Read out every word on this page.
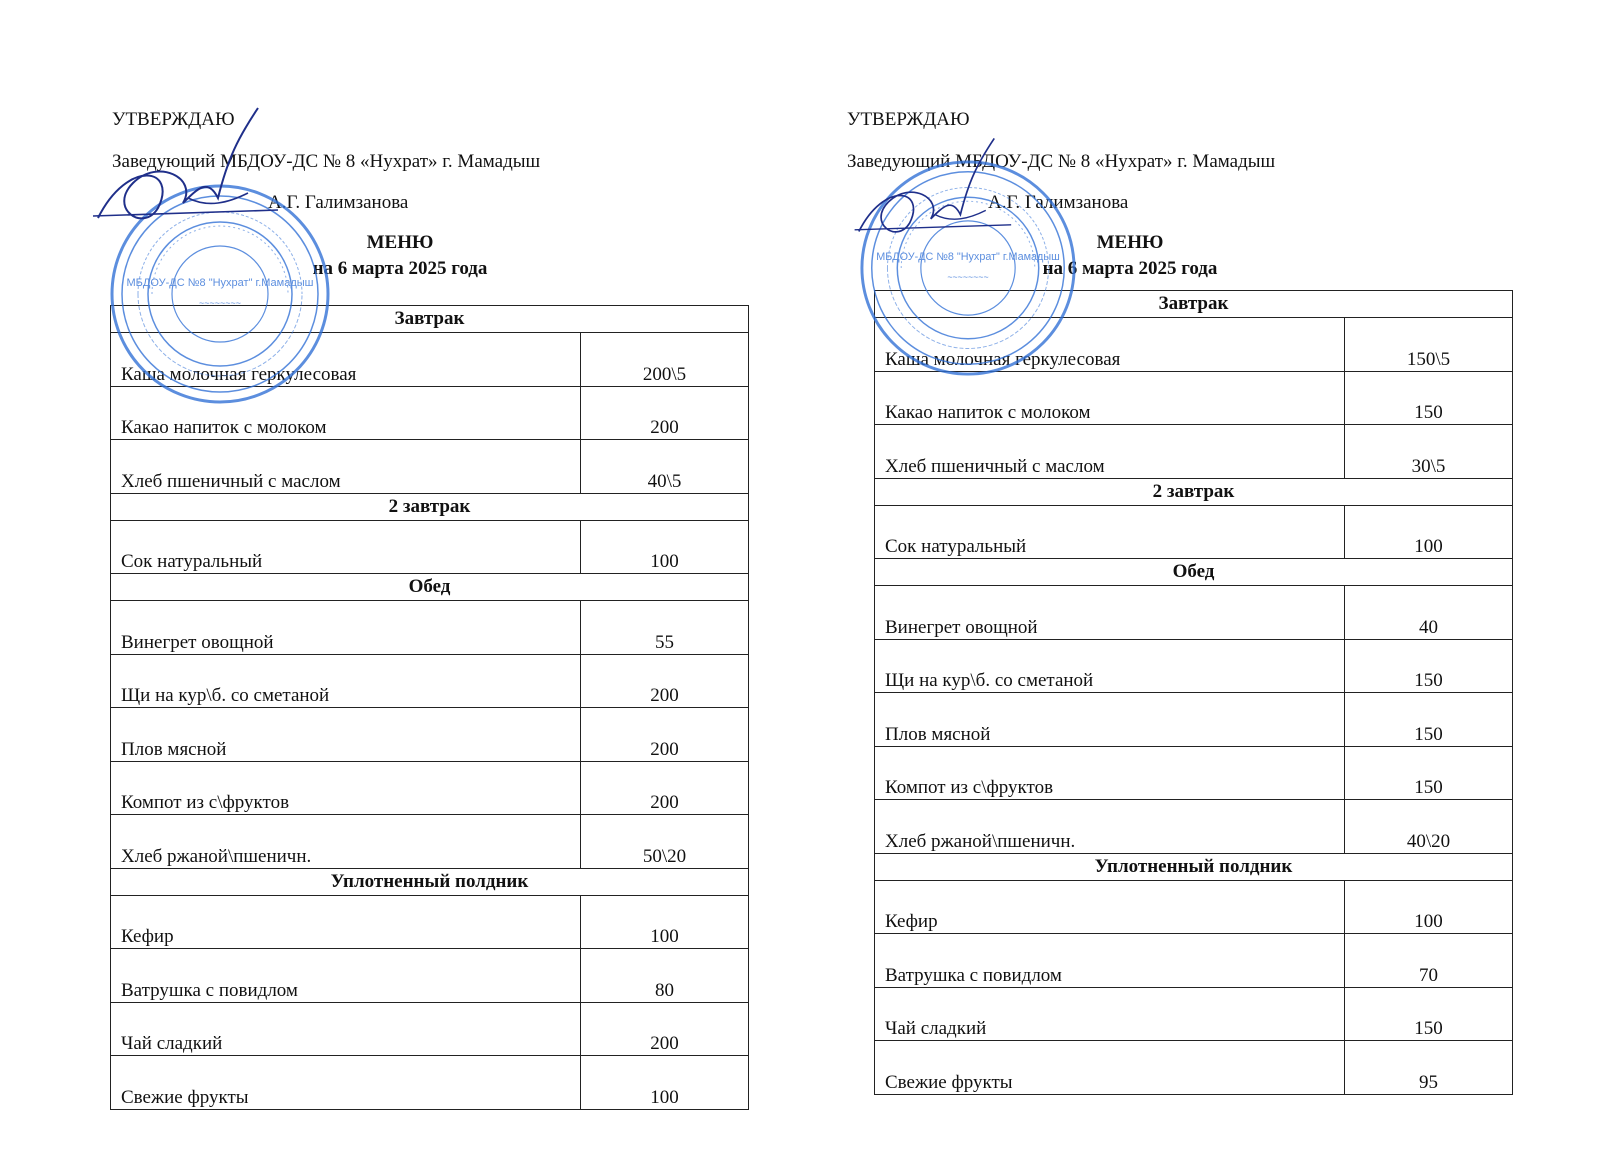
УТВЕРЖДАЮ
Заведующий МБДОУ-ДС № 8 «Нухрат» г. Мамадыш
А.Г. Галимзанова
МЕНЮ
на 6 марта 2025 года
Завтрак	
Каша молочная геркулесовая	200\5
Какао напиток с молоком	200
Хлеб пшеничный с маслом	40\5
2 завтрак	
Сок натуральный	100
Обед	
Винегрет овощной	55
Щи на кур\б. со сметаной	200
Плов мясной	200
Компот из с\фруктов	200
Хлеб ржаной\пшеничн.	50\20
Уплотненный полдник	
Кефир	100
Ватрушка с повидлом	80
Чай сладкий	200
Свежие фрукты	100
МБДОУ-ДС №8 "Нухрат" г.Мамадыш
~~~~~~~~
УТВЕРЖДАЮ
Заведующий МБДОУ-ДС № 8 «Нухрат» г. Мамадыш
А.Г. Галимзанова
МЕНЮ
на 6 марта 2025 года
Завтрак	
Каша молочная геркулесовая	150\5
Какао напиток с молоком	150
Хлеб пшеничный с маслом	30\5
2 завтрак	
Сок натуральный	100
Обед	
Винегрет овощной	40
Щи на кур\б. со сметаной	150
Плов мясной	150
Компот из с\фруктов	150
Хлеб ржаной\пшеничн.	40\20
Уплотненный полдник	
Кефир	100
Ватрушка с повидлом	70
Чай сладкий	150
Свежие фрукты	95
МБДОУ-ДС №8 "Нухрат" г.Мамадыш
~~~~~~~~
